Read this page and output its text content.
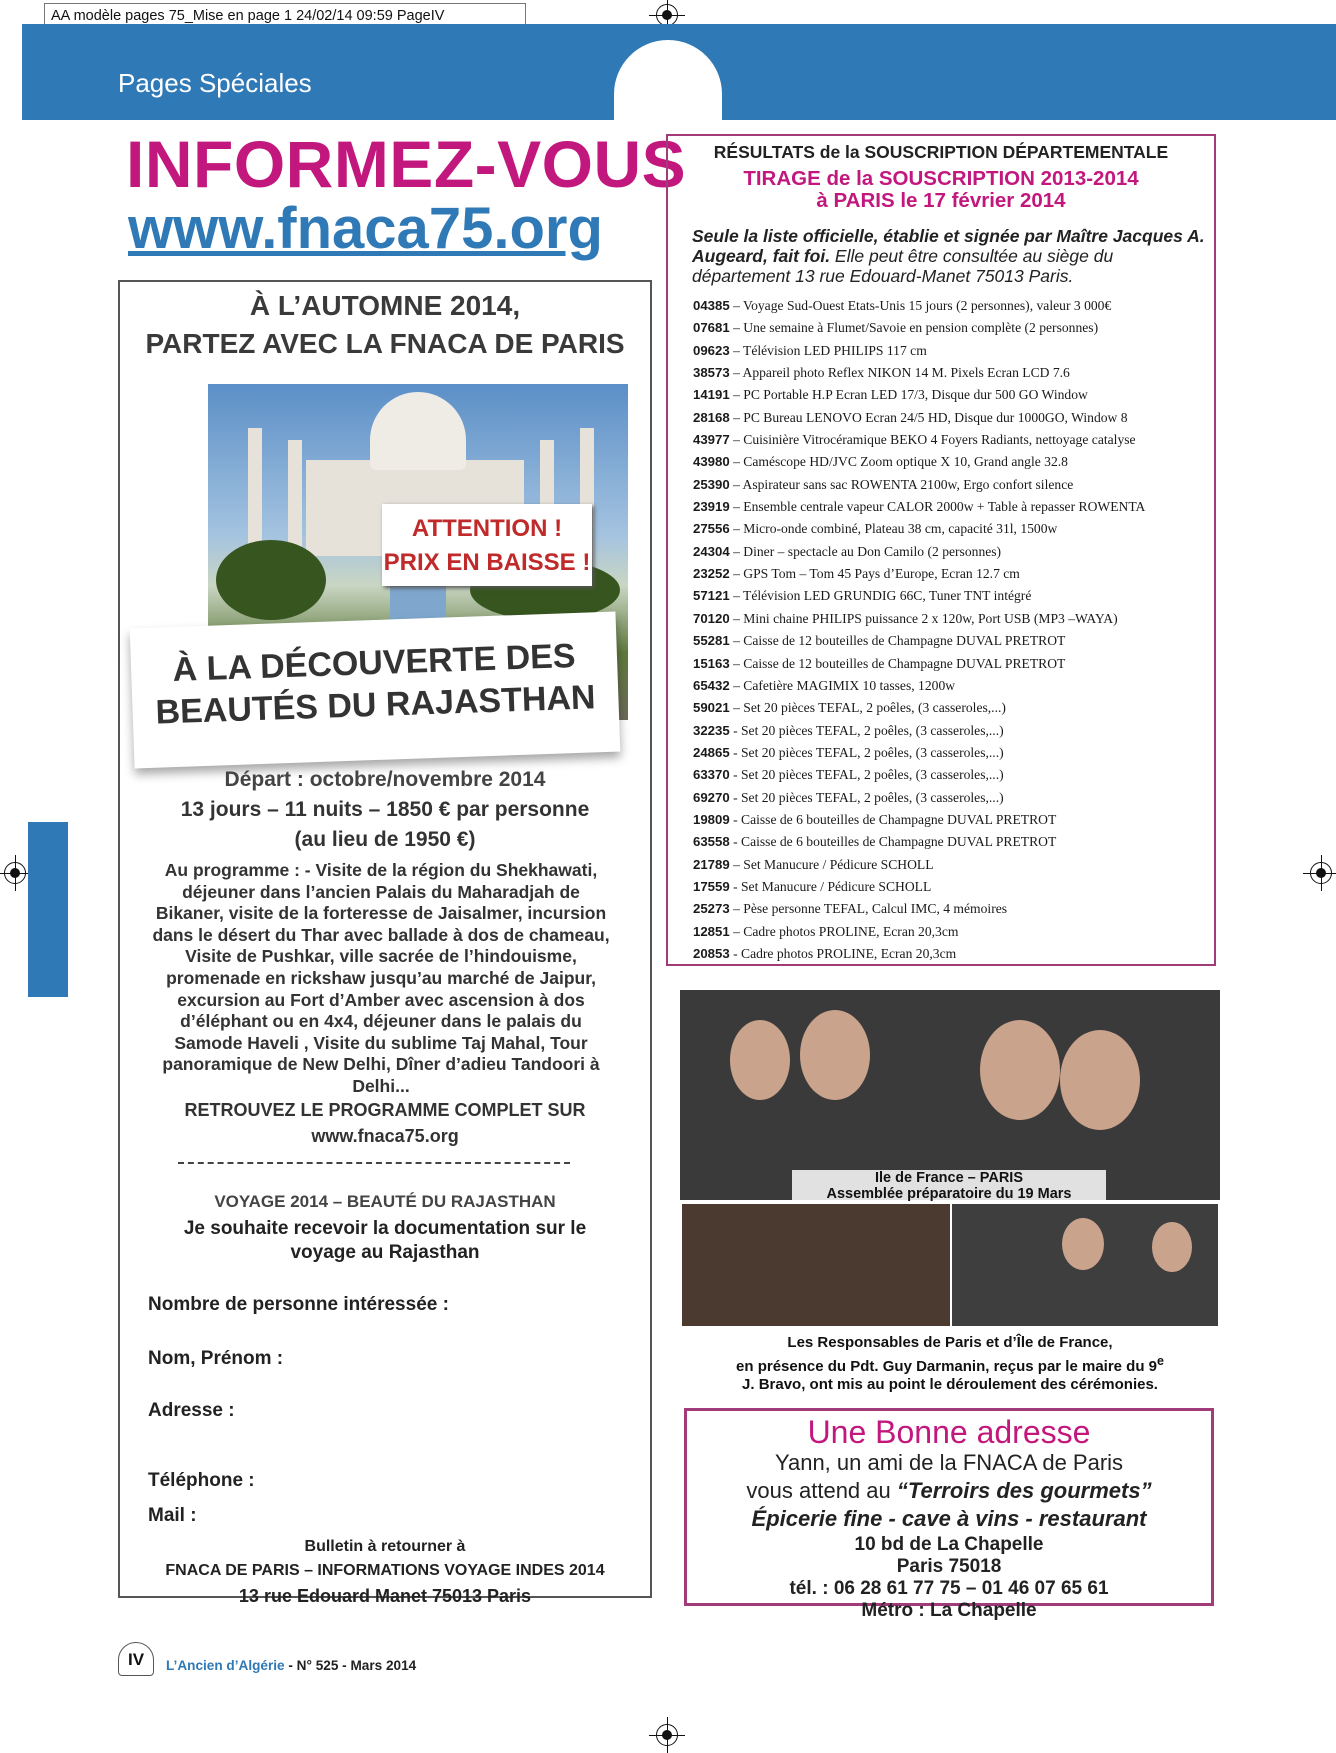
AA modèle pages 75_Mise en page 1 24/02/14 09:59 PageIV
Pages Spéciales
INFORMEZ-VOUS
www.fnaca75.org
À L’AUTOMNE 2014,
PARTEZ AVEC LA FNACA DE PARIS
ATTENTION !
PRIX EN BAISSE !
À LA DÉCOUVERTE DES
BEAUTÉS DU RAJASTHAN
Départ : octobre/novembre 2014
13 jours – 11 nuits – 1850 € par personne
(au lieu de 1950 €)
Au programme : - Visite de la région du Shekhawati, déjeuner dans l’ancien Palais du Maharadjah de Bikaner, visite de la forteresse de Jaisalmer, incursion dans le désert du Thar avec ballade à dos de chameau, Visite de Pushkar, ville sacrée de l’hindouisme, promenade en rickshaw jusqu’au marché de Jaipur, excursion au Fort d’Amber avec ascension à dos d’éléphant ou en 4x4, déjeuner dans le palais du Samode Haveli , Visite du sublime Taj Mahal, Tour panoramique de New Delhi, Dîner d’adieu Tandoori à Delhi...
RETROUVEZ LE PROGRAMME COMPLET SUR
www.fnaca75.org
VOYAGE 2014 – BEAUTÉ DU RAJASTHAN
Je souhaite recevoir la documentation sur le
voyage au Rajasthan
Nombre de personne intéressée :
Nom, Prénom :
Adresse :
Téléphone :
Mail :
Bulletin à retourner à
FNACA DE PARIS – INFORMATIONS VOYAGE INDES 2014
13 rue Edouard Manet 75013 Paris
RÉSULTATS de la SOUSCRIPTION DÉPARTEMENTALE
TIRAGE de la SOUSCRIPTION 2013-2014
à PARIS le 17 février 2014
Seule la liste officielle, établie et signée par Maître Jacques A. Augeard, fait foi. Elle peut être consultée au siège du département 13 rue Edouard-Manet 75013 Paris.
04385 – Voyage Sud-Ouest Etats-Unis 15 jours (2 personnes), valeur 3 000€
07681 – Une semaine à Flumet/Savoie en pension complète (2 personnes)
09623 – Télévision LED PHILIPS 117 cm
38573 – Appareil photo Reflex NIKON 14 M. Pixels Ecran LCD 7.6
14191 – PC Portable H.P Ecran LED 17/3, Disque dur 500 GO Window
28168 – PC Bureau LENOVO Ecran 24/5 HD, Disque dur 1000GO, Window 8
43977 – Cuisinière Vitrocéramique BEKO 4 Foyers Radiants, nettoyage catalyse
43980 – Caméscope HD/JVC Zoom optique X 10, Grand angle 32.8
25390 – Aspirateur sans sac ROWENTA 2100w, Ergo confort silence
23919 – Ensemble centrale vapeur CALOR 2000w + Table à repasser ROWENTA
27556 – Micro-onde combiné, Plateau 38 cm, capacité 31l, 1500w
24304 – Diner – spectacle au Don Camilo (2 personnes)
23252 – GPS Tom – Tom 45 Pays d’Europe, Ecran 12.7 cm
57121 – Télévision LED GRUNDIG 66C, Tuner TNT intégré
70120 – Mini chaine PHILIPS puissance 2 x 120w, Port USB (MP3 –WAYA)
55281 – Caisse de 12 bouteilles de Champagne DUVAL PRETROT
15163 – Caisse de 12 bouteilles de Champagne DUVAL PRETROT
65432 – Cafetière MAGIMIX 10 tasses, 1200w
59021 – Set 20 pièces TEFAL, 2 poêles, (3 casseroles,...)
32235 - Set 20 pièces TEFAL, 2 poêles, (3 casseroles,...)
24865 - Set 20 pièces TEFAL, 2 poêles, (3 casseroles,...)
63370 - Set 20 pièces TEFAL, 2 poêles, (3 casseroles,...)
69270 - Set 20 pièces TEFAL, 2 poêles, (3 casseroles,...)
19809 - Caisse de 6 bouteilles de Champagne DUVAL PRETROT
63558 - Caisse de 6 bouteilles de Champagne DUVAL PRETROT
21789 – Set Manucure / Pédicure SCHOLL
17559 - Set Manucure / Pédicure SCHOLL
25273 – Pèse personne TEFAL, Calcul IMC, 4 mémoires
12851 – Cadre photos PROLINE, Ecran 20,3cm
20853 - Cadre photos PROLINE, Ecran 20,3cm
Ile de France – PARIS
Assemblée préparatoire du 19 Mars
Les Responsables de Paris et d’Île de France,
en présence du Pdt. Guy Darmanin, reçus par le maire du 9e
J. Bravo, ont mis au point le déroulement des cérémonies.
Une Bonne adresse
Yann, un ami de la FNACA de Paris
vous attend au “Terroirs des gourmets”
Épicerie fine - cave à vins - restaurant
10 bd de La Chapelle
Paris 75018
tél. : 06 28 61 77 75 – 01 46 07 65 61
Métro : La Chapelle
IV	L’Ancien d’Algérie - N° 525 - Mars 2014
